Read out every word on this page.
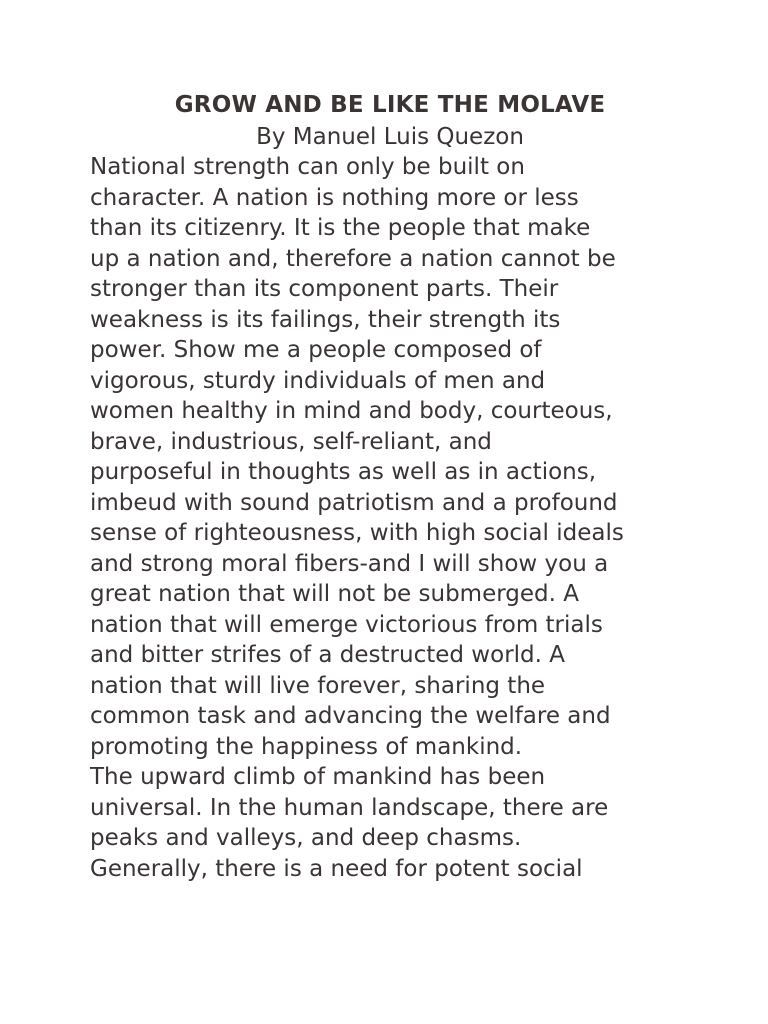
GROW AND BE LIKE THE MOLAVE

By Manuel Luis Quezon

National strength can only be built on
character. A nation is nothing more or less
than its citizenry. It is the people that make
up a nation and, therefore a nation cannot be
stronger than its component parts. Their
weakness is its failings, their strength its
power. Show me a people composed of
vigorous, sturdy individuals of men and
women healthy in mind and body, courteous,
brave, industrious, self-reliant, and
purposeful in thoughts as well as in actions,
imbeud with sound patriotism and a profound
sense of righteousness, with high social ideals
and strong moral fibers-and I will show you a
great nation that will not be submerged. A
nation that will emerge victorious from trials
and bitter strifes of a destructed world. A
nation that will live forever, sharing the
common task and advancing the welfare and
promoting the happiness of mankind.

The upward climb of mankind has been
universal. In the human landscape, there are
peaks and valleys, and deep chasms.
Generally, there is a need for potent social
